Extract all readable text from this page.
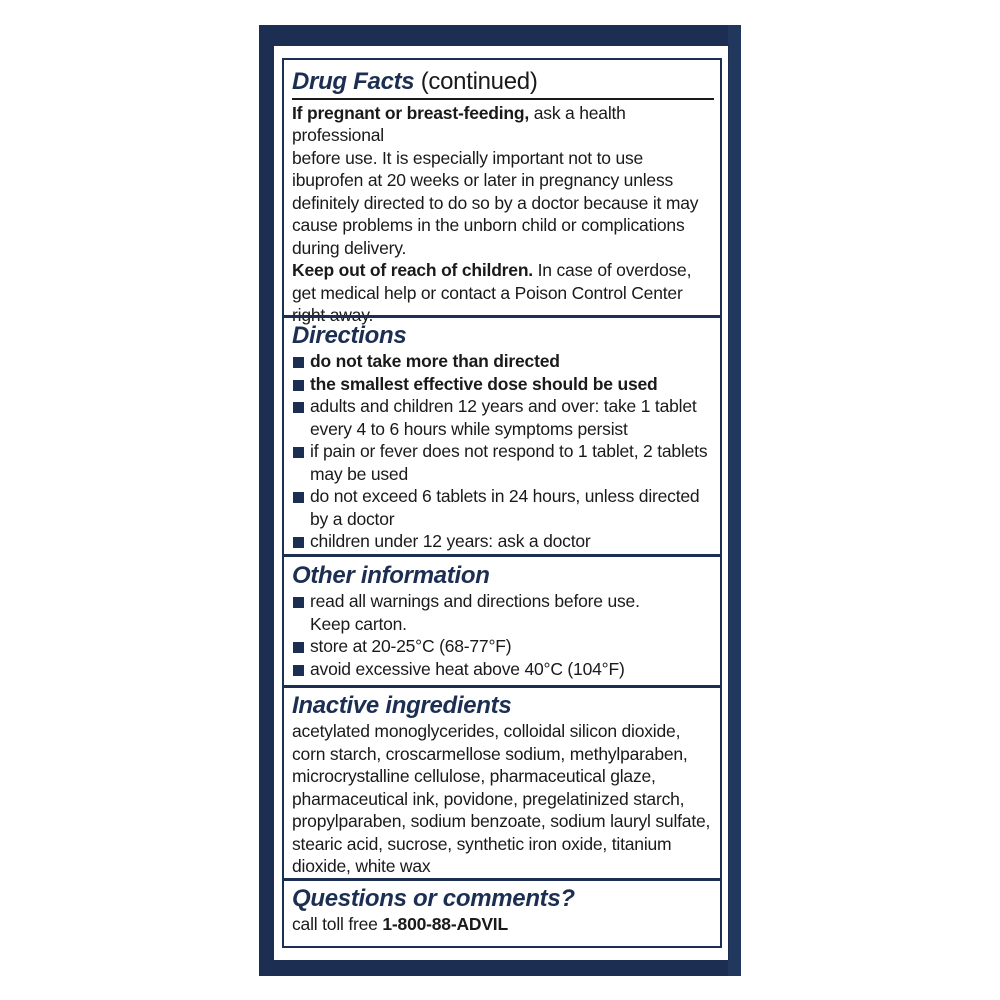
Drug Facts (continued)
If pregnant or breast-feeding, ask a health professional
before use. It is especially important not to use
ibuprofen at 20 weeks or later in pregnancy unless
definitely directed to do so by a doctor because it may
cause problems in the unborn child or complications
during delivery.
Keep out of reach of children. In case of overdose,
get medical help or contact a Poison Control Center

Directions
do not take more than directed
the smallest effective dose should be used
adults and children 12 years and over: take 1 tablet
every 4 to 6 hours while symptoms persist
if pain or fever does not respond to 1 tablet, 2 tablets
may be used
do not exceed 6 tablets in 24 hours, unless directed
by a doctor
children under 12 years: ask a doctor
Other information
read all warnings and directions before use.
Keep carton.
store at 20-25°C (68-77°F)
avoid excessive heat above 40°C (104°F)
Inactive ingredients
acetylated monoglycerides, colloidal silicon dioxide,
corn starch, croscarmellose sodium, methylparaben,
microcrystalline cellulose, pharmaceutical glaze,
pharmaceutical ink, povidone, pregelatinized starch,
propylparaben, sodium benzoate, sodium lauryl sulfate,
stearic acid, sucrose, synthetic iron oxide, titanium
dioxide, white wax
Questions or comments?
call toll free 1-800-88-ADVIL
